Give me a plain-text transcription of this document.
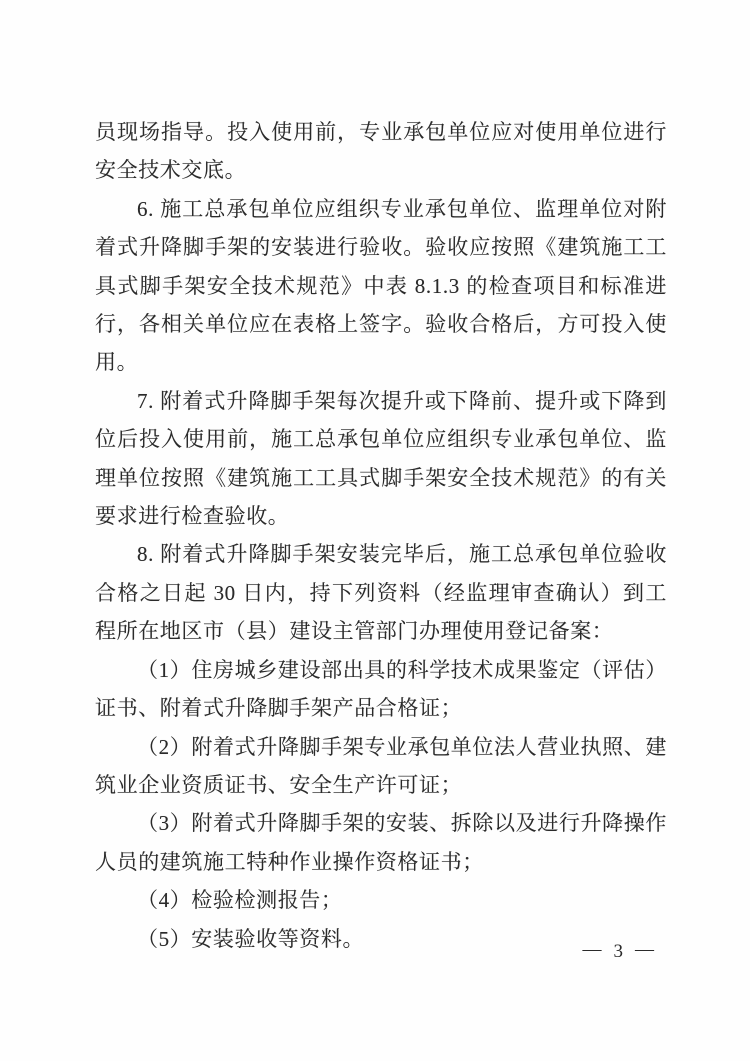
员现场指导。投入使用前，专业承包单位应对使用单位进行安全技术交底。

6. 施工总承包单位应组织专业承包单位、监理单位对附着式升降脚手架的安装进行验收。验收应按照《建筑施工工具式脚手架安全技术规范》中表 8.1.3 的检查项目和标准进行，各相关单位应在表格上签字。验收合格后，方可投入使用。

7. 附着式升降脚手架每次提升或下降前、提升或下降到位后投入使用前，施工总承包单位应组织专业承包单位、监理单位按照《建筑施工工具式脚手架安全技术规范》的有关要求进行检查验收。

8. 附着式升降脚手架安装完毕后，施工总承包单位验收合格之日起 30 日内，持下列资料（经监理审查确认）到工程所在地区市（县）建设主管部门办理使用登记备案：

（1）住房城乡建设部出具的科学技术成果鉴定（评估）证书、附着式升降脚手架产品合格证；

（2）附着式升降脚手架专业承包单位法人营业执照、建筑业企业资质证书、安全生产许可证；

（3）附着式升降脚手架的安装、拆除以及进行升降操作人员的建筑施工特种作业操作资格证书；

（4）检验检测报告；

（5）安装验收等资料。	— 3 —
